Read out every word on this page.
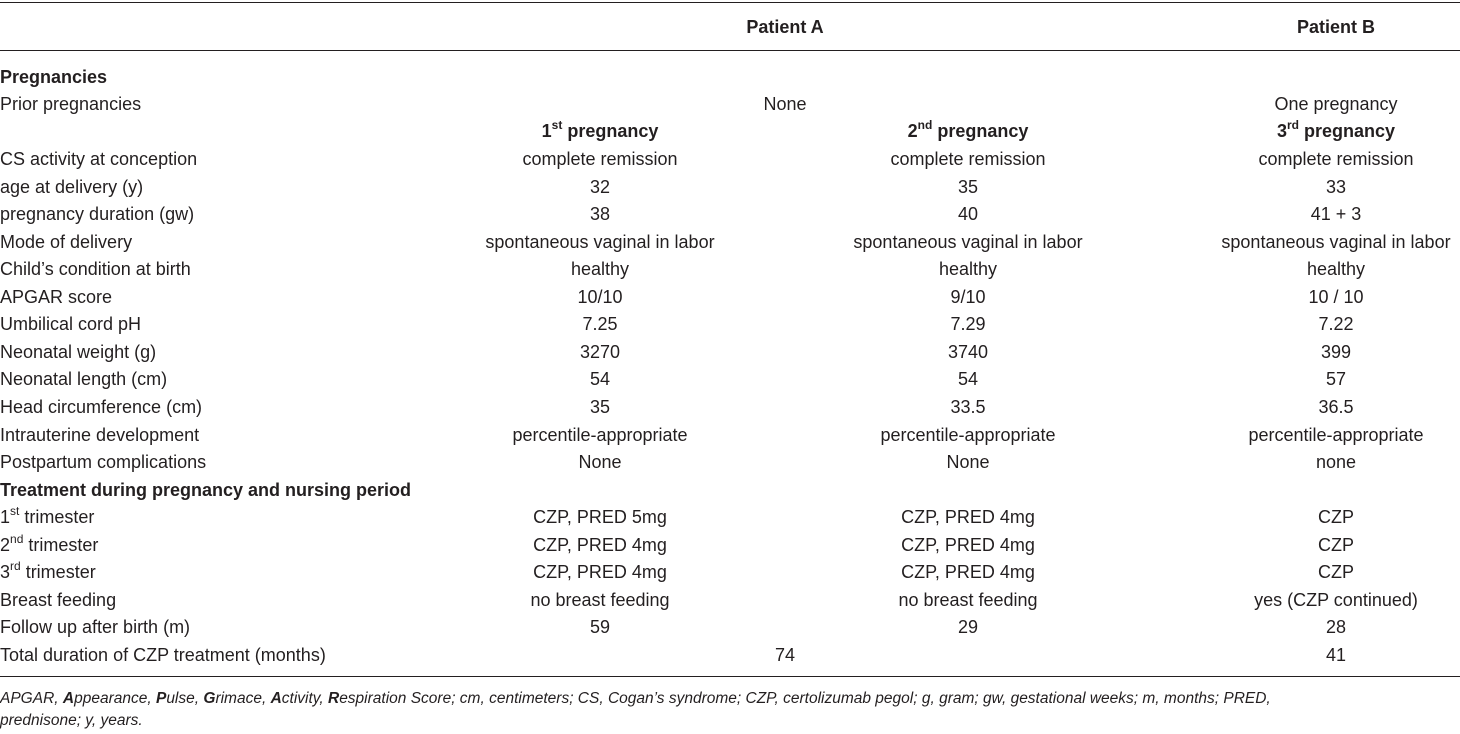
Patient A	Patient B
Pregnancies
Prior pregnancies	None	One pregnancy
1st pregnancy	2nd pregnancy	3rd pregnancy
CS activity at conception	complete remission	complete remission	complete remission
age at delivery (y)	32	35	33
pregnancy duration (gw)	38	40	41 + 3
Mode of delivery	spontaneous vaginal in labor	spontaneous vaginal in labor	spontaneous vaginal in labor
Child’s condition at birth	healthy	healthy	healthy
APGAR score	10/10	9/10	10 / 10
Umbilical cord pH	7.25	7.29	7.22
Neonatal weight (g)	3270	3740	399
Neonatal length (cm)	54	54	57
Head circumference (cm)	35	33.5	36.5
Intrauterine development	percentile-appropriate	percentile-appropriate	percentile-appropriate
Postpartum complications	None	None	none
Treatment during pregnancy and nursing period
1st trimester	CZP, PRED 5mg	CZP, PRED 4mg	CZP
2nd trimester	CZP, PRED 4mg	CZP, PRED 4mg	CZP
3rd trimester	CZP, PRED 4mg	CZP, PRED 4mg	CZP
Breast feeding	no breast feeding	no breast feeding	yes (CZP continued)
Follow up after birth (m)	59	29	28
Total duration of CZP treatment (months)	74	41
APGAR, Appearance, Pulse, Grimace, Activity, Respiration Score; cm, centimeters; CS, Cogan’s syndrome; CZP, certolizumab pegol; g, gram; gw, gestational weeks; m, months; PRED,
prednisone; y, years.
